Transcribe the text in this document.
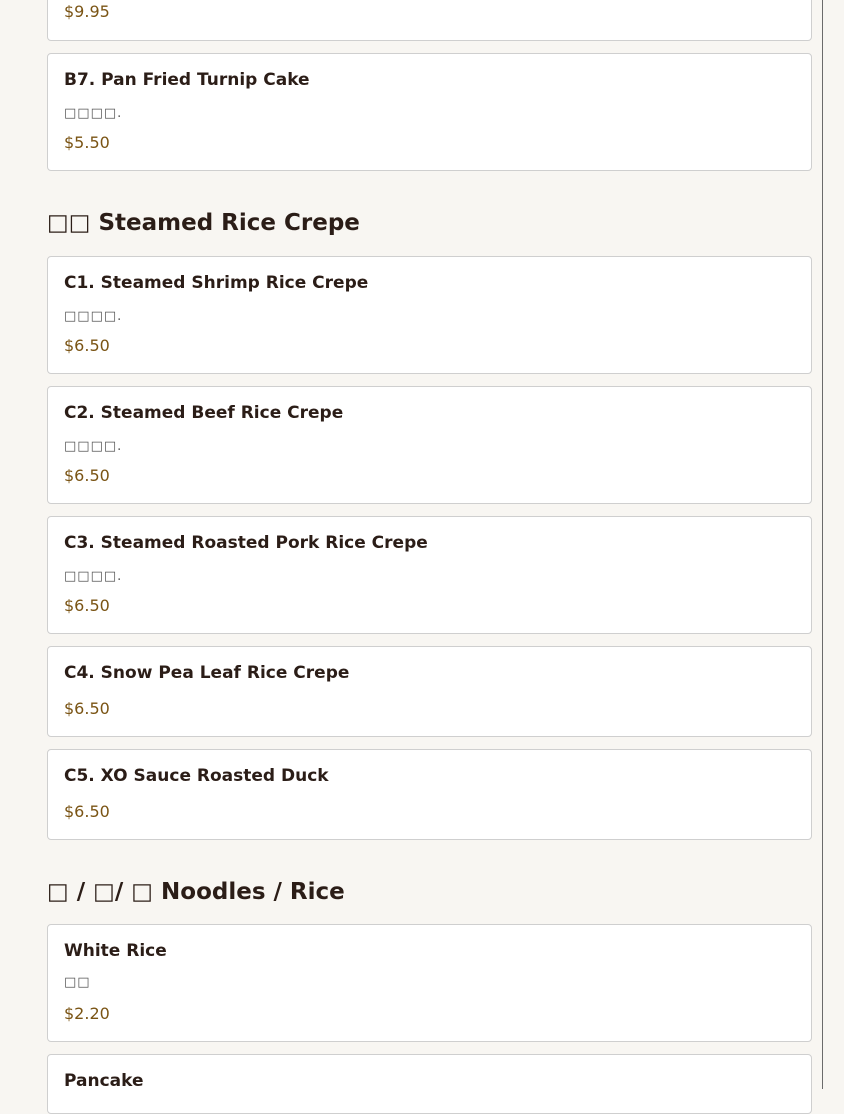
$9.95
B7. Pan Fried Turnip Cake
□□□□.
$5.50
□□ Steamed Rice Crepe
C1. Steamed Shrimp Rice Crepe
□□□□.
$6.50
C2. Steamed Beef Rice Crepe
□□□□.
$6.50
C3. Steamed Roasted Pork Rice Crepe
□□□□.
$6.50
C4. Snow Pea Leaf Rice Crepe
$6.50
C5. XO Sauce Roasted Duck
$6.50
□ / □/ □ Noodles / Rice
White Rice
□□
$2.20
Pancake
